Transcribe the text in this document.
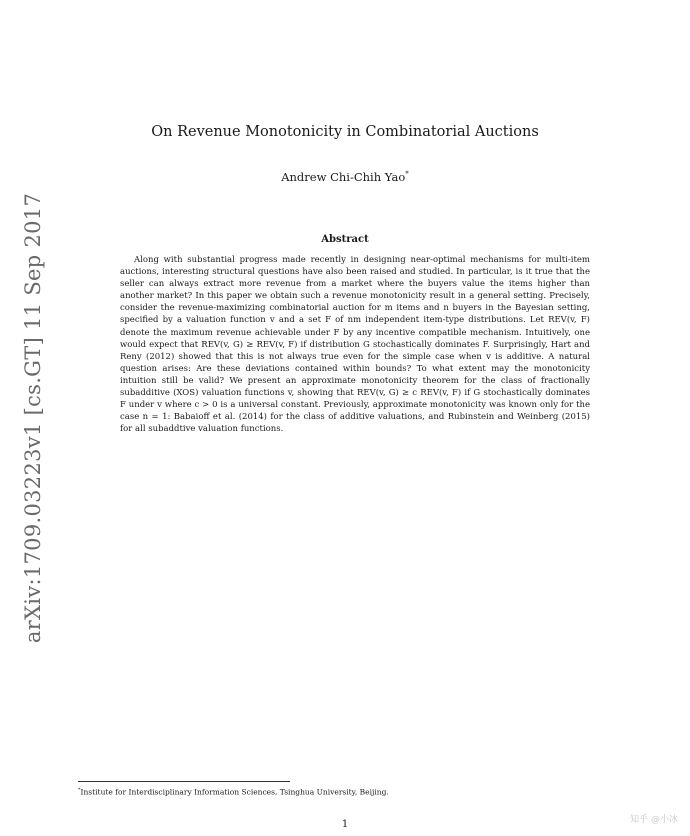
arXiv:1709.03223v1 [cs.GT] 11 Sep 2017
On Revenue Monotonicity in Combinatorial Auctions
Andrew Chi-Chih Yao*
Abstract
Along with substantial progress made recently in designing near-optimal mechanisms for multi-item auctions, interesting structural questions have also been raised and studied. In particular, is it true that the seller can always extract more revenue from a market where the buyers value the items higher than another market? In this paper we obtain such a revenue monotonicity result in a general setting. Precisely, consider the revenue-maximizing combinatorial auction for m items and n buyers in the Bayesian setting, specified by a valuation function v and a set F of nm independent item-type distributions. Let REV(v, F) denote the maximum revenue achievable under F by any incentive compatible mechanism. Intuitively, one would expect that REV(v, G) ≥ REV(v, F) if distribution G stochastically dominates F. Surprisingly, Hart and Reny (2012) showed that this is not always true even for the simple case when v is additive. A natural question arises: Are these deviations contained within bounds? To what extent may the monotonicity intuition still be valid? We present an approximate monotonicity theorem for the class of fractionally subadditive (XOS) valuation functions v, showing that REV(v, G) ≥ c REV(v, F) if G stochastically dominates F under v where c > 0 is a universal constant. Previously, approximate monotonicity was known only for the case n = 1: Babaioff et al. (2014) for the class of additive valuations, and Rubinstein and Weinberg (2015) for all subaddtive valuation functions.
*Institute for Interdisciplinary Information Sciences, Tsinghua University, Beijing.
1	知乎 @小冰
